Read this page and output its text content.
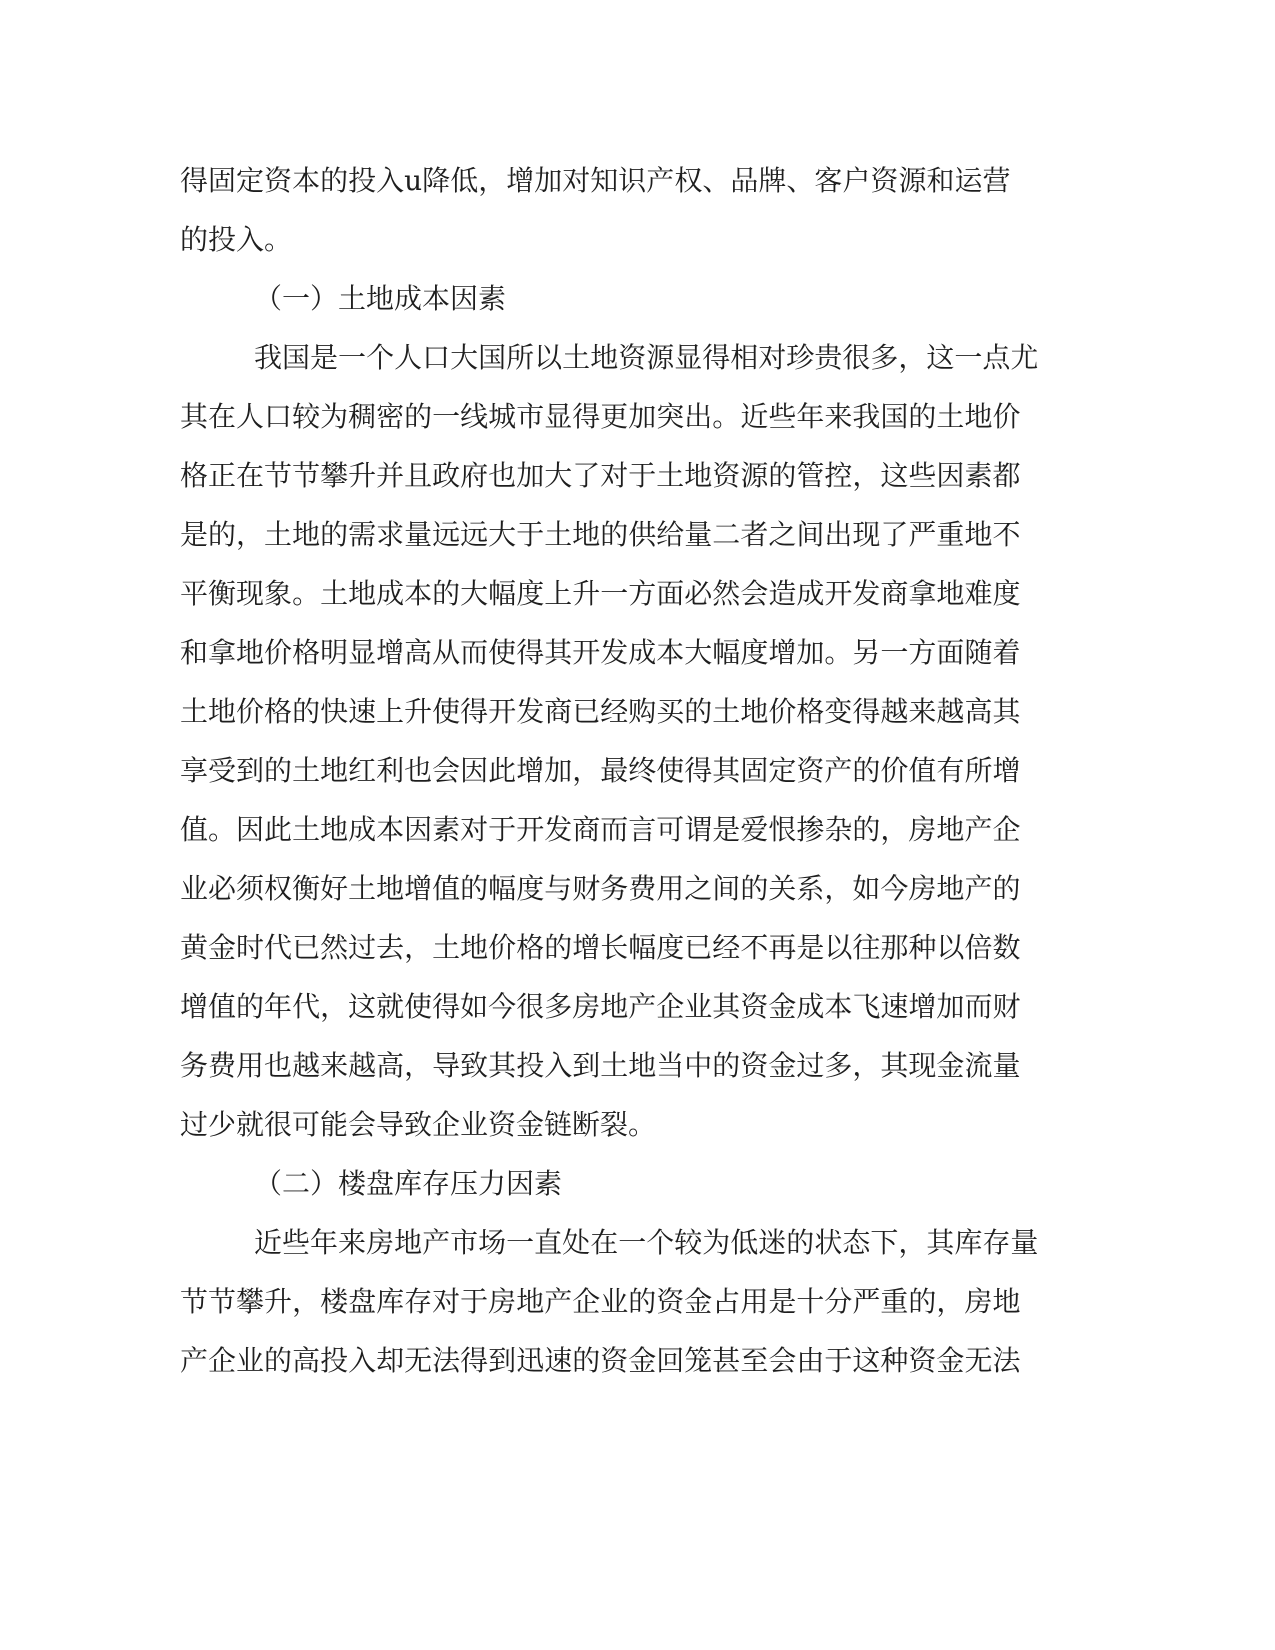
得 固 定 资 本 的 投 入 u 降 低 ， 增 加 对 知 识 产 权 、 品 牌 、 客 户 资 源 和 运 营
的投入。
（一）土地成本因素
我 国 是 一 个 人 口 大 国 所 以 土 地 资 源 显 得 相 对 珍 贵 很 多 ， 这 一 点 尤
其 在 人 口 较 为 稠 密 的 一 线 城 市 显 得 更 加 突 出 。 近 些 年 来 我 国 的 土 地 价
格 正 在 节 节 攀 升 并 且 政 府 也 加 大 了 对 于 土 地 资 源 的 管 控 ， 这 些 因 素 都
是 的 ， 土 地 的 需 求 量 远 远 大 于 土 地 的 供 给 量 二 者 之 间 出 现 了 严 重 地 不
平 衡 现 象 。 土 地 成 本 的 大 幅 度 上 升 一 方 面 必 然 会 造 成 开 发 商 拿 地 难 度
和 拿 地 价 格 明 显 增 高 从 而 使 得 其 开 发 成 本 大 幅 度 增 加 。 另 一 方 面 随 着
土 地 价 格 的 快 速 上 升 使 得 开 发 商 已 经 购 买 的 土 地 价 格 变 得 越 来 越 高 其
享 受 到 的 土 地 红 利 也 会 因 此 增 加 ， 最 终 使 得 其 固 定 资 产 的 价 值 有 所 增
值 。 因 此 土 地 成 本 因 素 对 于 开 发 商 而 言 可 谓 是 爱 恨 掺 杂 的 ， 房 地 产 企
业 必 须 权 衡 好 土 地 增 值 的 幅 度 与 财 务 费 用 之 间 的 关 系 ， 如 今 房 地 产 的
黄 金 时 代 已 然 过 去 ， 土 地 价 格 的 增 长 幅 度 已 经 不 再 是 以 往 那 种 以 倍 数
增 值 的 年 代 ， 这 就 使 得 如 今 很 多 房 地 产 企 业 其 资 金 成 本 飞 速 增 加 而 财
务 费 用 也 越 来 越 高 ， 导 致 其 投 入 到 土 地 当 中 的 资 金 过 多 ， 其 现 金 流 量
过少就很可能会导致企业资金链断裂。
（二）楼盘库存压力因素
近 些 年 来 房 地 产 市 场 一 直 处 在 一 个 较 为 低 迷 的 状 态 下 ， 其 库 存 量
节 节 攀 升 ， 楼 盘 库 存 对 于 房 地 产 企 业 的 资 金 占 用 是 十 分 严 重 的 ， 房 地
产 企 业 的 高 投 入 却 无 法 得 到 迅 速 的 资 金 回 笼 甚 至 会 由 于 这 种 资 金 无 法
